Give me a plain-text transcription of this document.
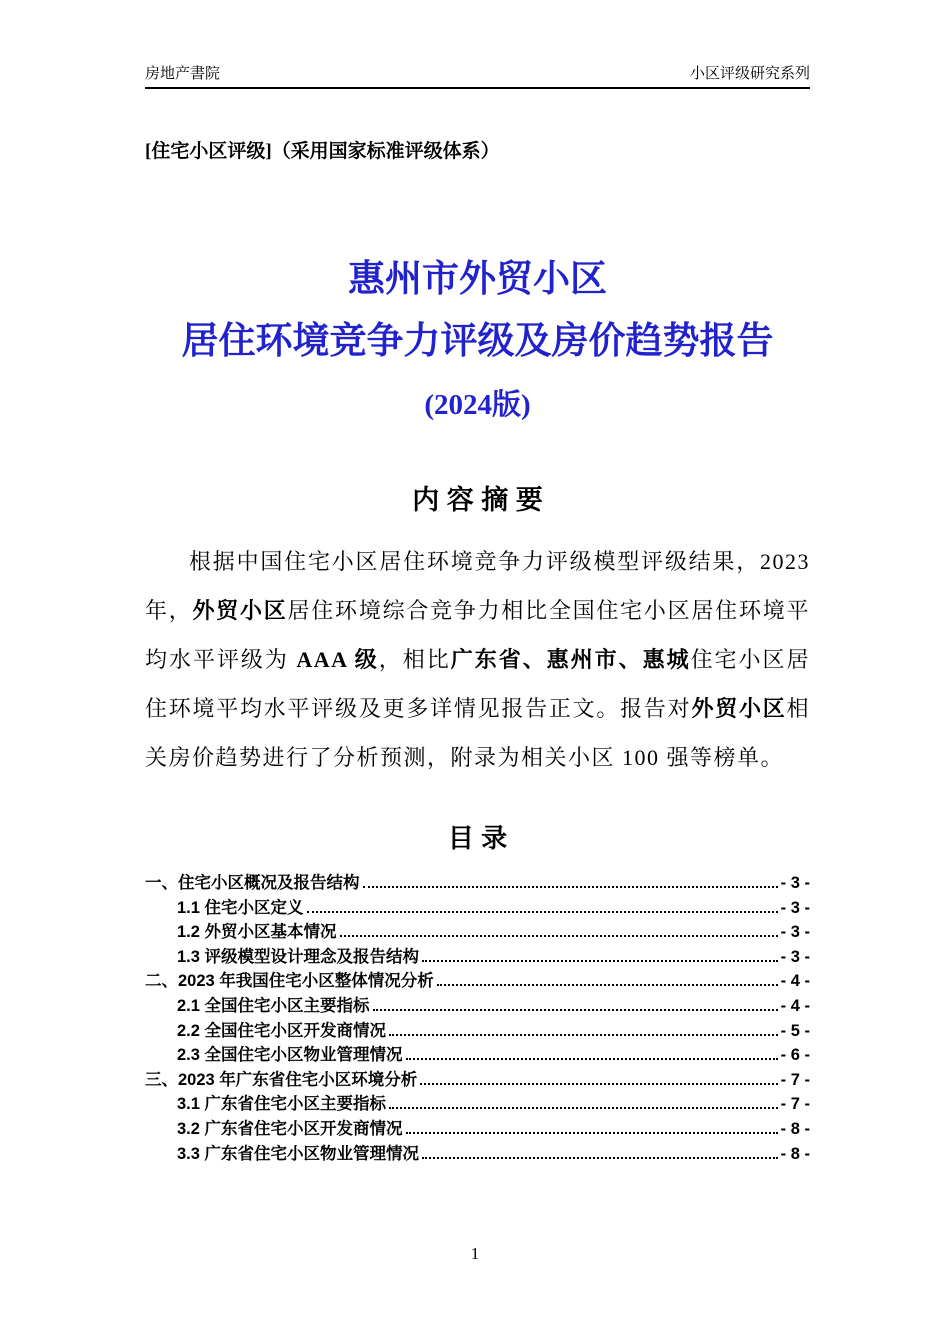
房地产書院	小区评级研究系列
[住宅小区评级]（采用国家标准评级体系）
惠州市外贸小区
居住环境竞争力评级及房价趋势报告
(2024版)
内 容 摘 要

根据中国住宅小区居住环境竞争力评级模型评级结果，2023 年，外贸小区居住环境综合竞争力相比全国住宅小区居住环境平均水平评级为 AAA 级，相比广东省、惠州市、惠城住宅小区居住环境平均水平评级及更多详情见报告正文。报告对外贸小区相关房价趋势进行了分析预测，附录为相关小区 100 强等榜单。

目 录
一、住宅小区概况及报告结构	- 3 -
1.1 住宅小区定义	- 3 -
1.2 外贸小区基本情况	- 3 -
1.3 评级模型设计理念及报告结构	- 3 -
二、2023 年我国住宅小区整体情况分析	- 4 -
2.1 全国住宅小区主要指标	- 4 -
2.2 全国住宅小区开发商情况	- 5 -
2.3 全国住宅小区物业管理情况	- 6 -
三、2023 年广东省住宅小区环境分析	- 7 -
3.1 广东省住宅小区主要指标	- 7 -
3.2 广东省住宅小区开发商情况	- 8 -
3.3 广东省住宅小区物业管理情况	- 8 -
1
